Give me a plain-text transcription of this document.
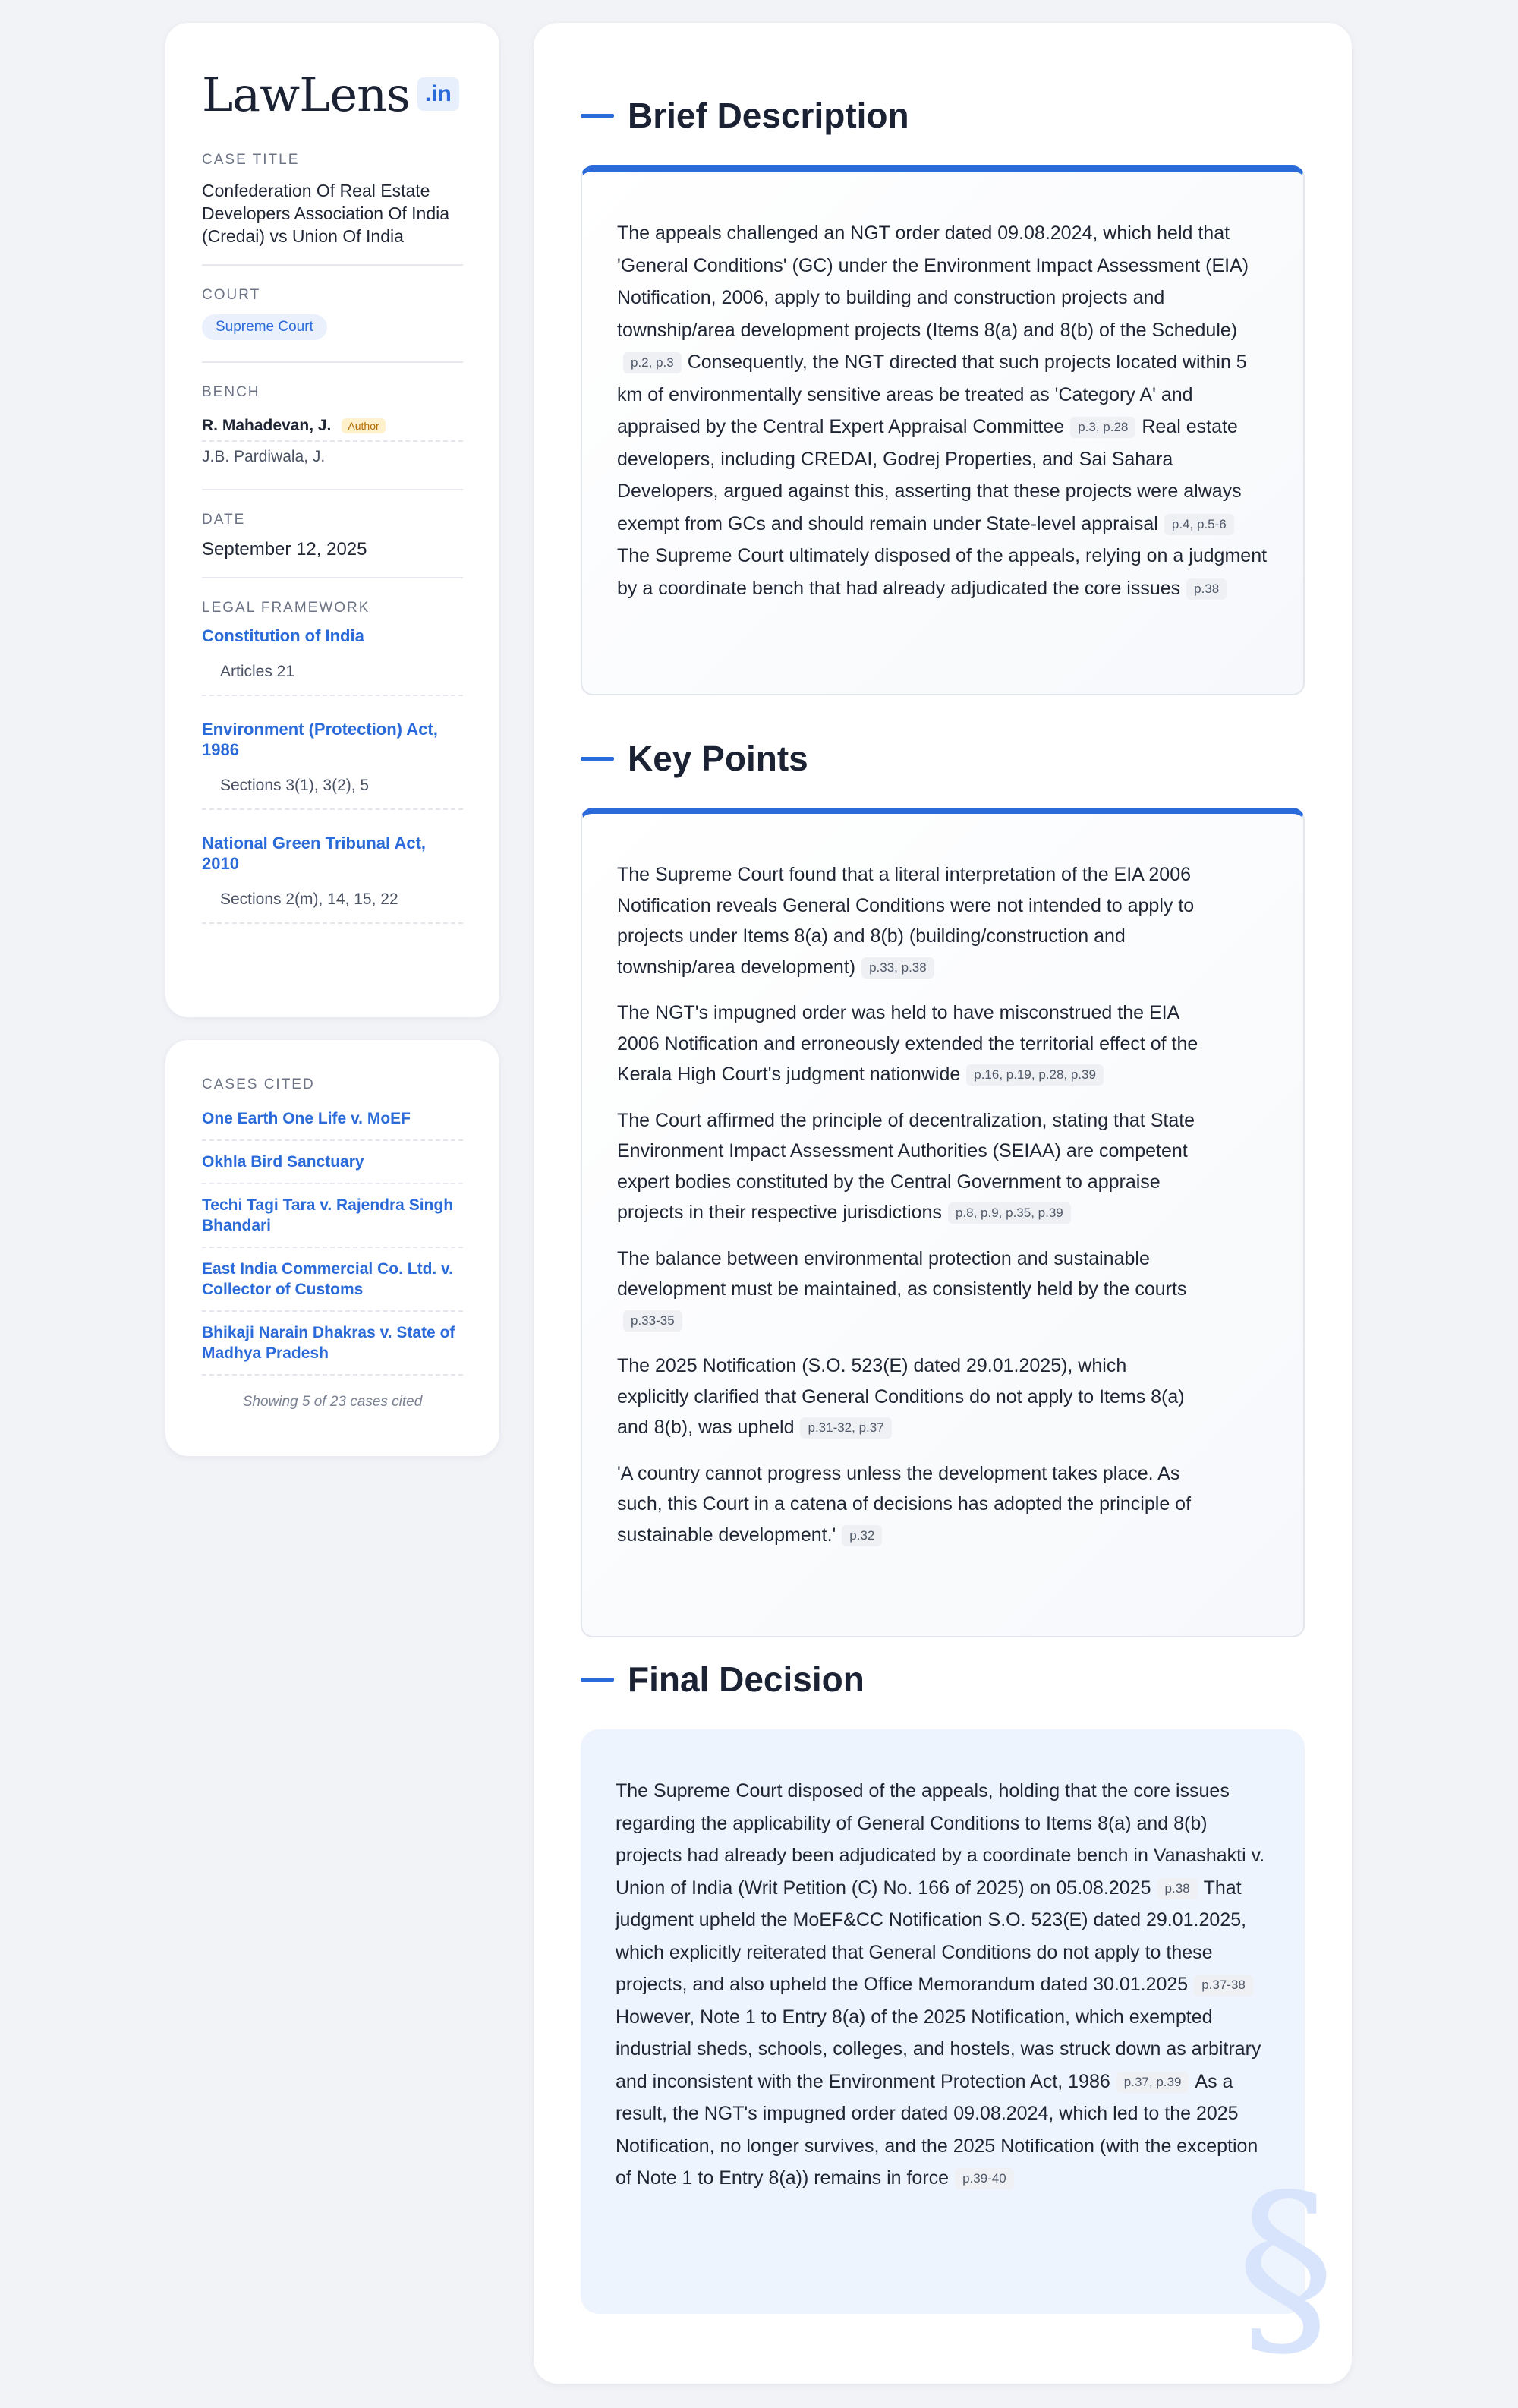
LawLens .in
CASE TITLE
Confederation Of Real Estate Developers Association Of India (Credai) vs Union Of India
COURT
Supreme Court
BENCH
R. Mahadevan, J.	Author
J.B. Pardiwala, J.
DATE
September 12, 2025
LEGAL FRAMEWORK
Constitution of India
Articles 21
Environment (Protection) Act, 1986
Sections 3(1), 3(2), 5
National Green Tribunal Act, 2010
Sections 2(m), 14, 15, 22
CASES CITED
One Earth One Life v. MoEF
Okhla Bird Sanctuary
Techi Tagi Tara v. Rajendra Singh Bhandari
East India Commercial Co. Ltd. v. Collector of Customs
Bhikaji Narain Dhakras v. State of Madhya Pradesh
Showing 5 of 23 cases cited
Brief Description

The appeals challenged an NGT order dated 09.08.2024, which held that 'General Conditions' (GC) under the Environment Impact Assessment (EIA) Notification, 2006, apply to building and construction projects and township/area development projects (Items 8(a) and 8(b) of the Schedule)p.2, p.3 Consequently, the NGT directed that such projects located within 5 km of environmentally sensitive areas be treated as 'Category A' and appraised by the Central Expert Appraisal Committee p.3, p.28 Real estate developers, including CREDAI, Godrej Properties, and Sai Sahara Developers, argued against this, asserting that these projects were always exempt from GCs and should remain under State-level appraisal p.4, p.5-6The Supreme Court ultimately disposed of the appeals, relying on a judgment by a coordinate bench that had already adjudicated the core issues p.38

Key Points
The Supreme Court found that a literal interpretation of the EIA 2006 Notification reveals General Conditions were not intended to apply to projects under Items 8(a) and 8(b) (building/construction and township/area development) p.33, p.38
The NGT's impugned order was held to have misconstrued the EIA 2006 Notification and erroneously extended the territorial effect of the Kerala High Court's judgment nationwide p.16, p.19, p.28, p.39
The Court affirmed the principle of decentralization, stating that State Environment Impact Assessment Authorities (SEIAA) are competent expert bodies constituted by the Central Government to appraise projects in their respective jurisdictions p.8, p.9, p.35, p.39
The balance between environmental protection and sustainable development must be maintained, as consistently held by the courtsp.33-35
The 2025 Notification (S.O. 523(E) dated 29.01.2025), which explicitly clarified that General Conditions do not apply to Items 8(a) and 8(b), was upheld p.31-32, p.37
'A country cannot progress unless the development takes place. As such, this Court in a catena of decisions has adopted the principle of sustainable development.' p.32
Final Decision

The Supreme Court disposed of the appeals, holding that the core issues regarding the applicability of General Conditions to Items 8(a) and 8(b) projects had already been adjudicated by a coordinate bench in Vanashakti v. Union of India (Writ Petition (C) No. 166 of 2025) on 05.08.2025 p.38 That judgment upheld the MoEF&CC Notification S.O. 523(E) dated 29.01.2025, which explicitly reiterated that General Conditions do not apply to these projects, and also upheld the Office Memorandum dated 30.01.2025 p.37-38However, Note 1 to Entry 8(a) of the 2025 Notification, which exempted industrial sheds, schools, colleges, and hostels, was struck down as arbitrary and inconsistent with the Environment Protection Act, 1986 p.37, p.39 As a result, the NGT's impugned order dated 09.08.2024, which led to the 2025 Notification, no longer survives, and the 2025 Notification (with the exception of Note 1 to Entry 8(a)) remains in force p.39-40	§
